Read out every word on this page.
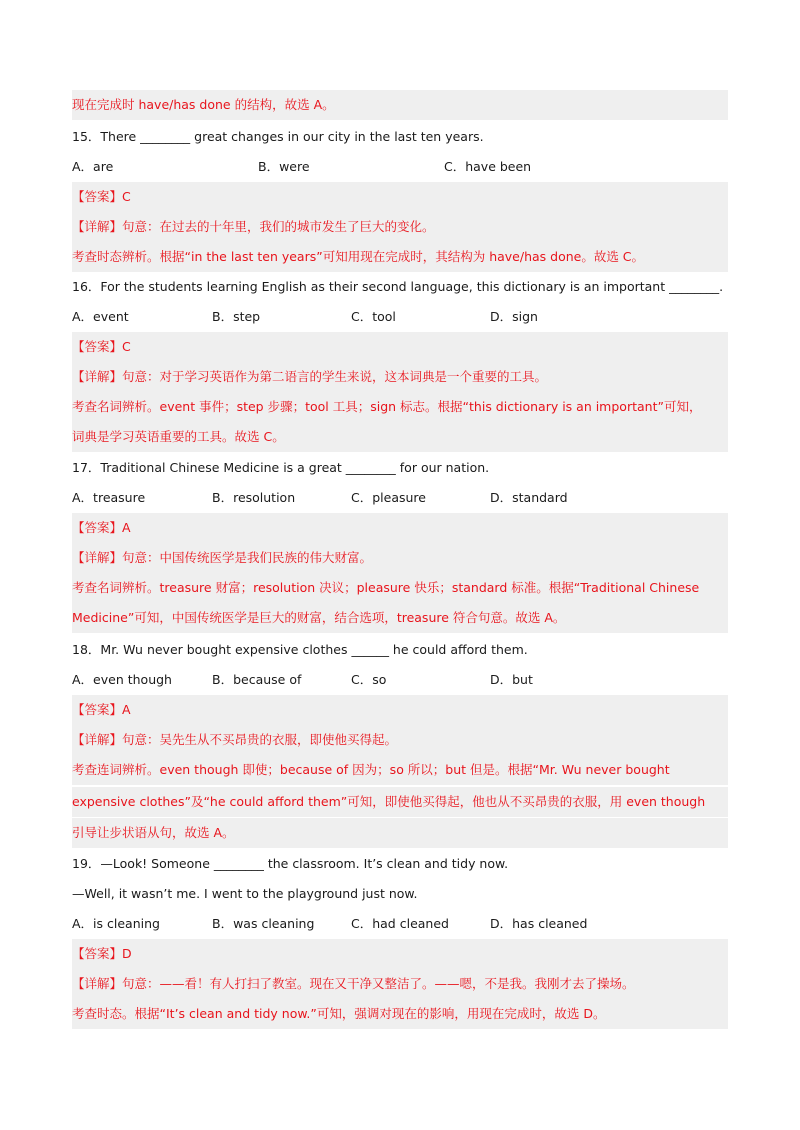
现在完成时 have/has done 的结构，故选 A。
15．There ________ great changes in our city in the last ten years.
A．are	B．were	C．have been
【答案】C
【详解】句意：在过去的十年里，我们的城市发生了巨大的变化。
考查时态辨析。根据“in the last ten years”可知用现在完成时，其结构为 have/has done。故选 C。
16．For the students learning English as their second language, this dictionary is an important ________.
A．event	B．step	C．tool	D．sign
【答案】C
【详解】句意：对于学习英语作为第二语言的学生来说，这本词典是一个重要的工具。
考查名词辨析。event 事件；step 步骤；tool 工具；sign 标志。根据“this dictionary is an important”可知，
词典是学习英语重要的工具。故选 C。
17．Traditional Chinese Medicine is a great ________ for our nation.
A．treasure	B．resolution	C．pleasure	D．standard
【答案】A
【详解】句意：中国传统医学是我们民族的伟大财富。
考查名词辨析。treasure 财富；resolution 决议；pleasure 快乐；standard 标准。根据“Traditional Chinese
Medicine”可知，中国传统医学是巨大的财富，结合选项，treasure 符合句意。故选 A。
18．Mr. Wu never bought expensive clothes ______ he could afford them.
A．even though	B．because of	C．so	D．but
【答案】A
【详解】句意：吴先生从不买昂贵的衣服，即使他买得起。
考查连词辨析。even though 即使；because of 因为；so 所以；but 但是。根据“Mr. Wu never bought
expensive clothes”及“he could afford them”可知，即使他买得起，他也从不买昂贵的衣服，用 even though
引导让步状语从句，故选 A。
19．—Look! Someone ________ the classroom. It’s clean and tidy now.
—Well, it wasn’t me. I went to the playground just now.
A．is cleaning	B．was cleaning	C．had cleaned	D．has cleaned
【答案】D
【详解】句意：——看！有人打扫了教室。现在又干净又整洁了。——嗯，不是我。我刚才去了操场。
考查时态。根据“It’s clean and tidy now.”可知，强调对现在的影响，用现在完成时，故选 D。
